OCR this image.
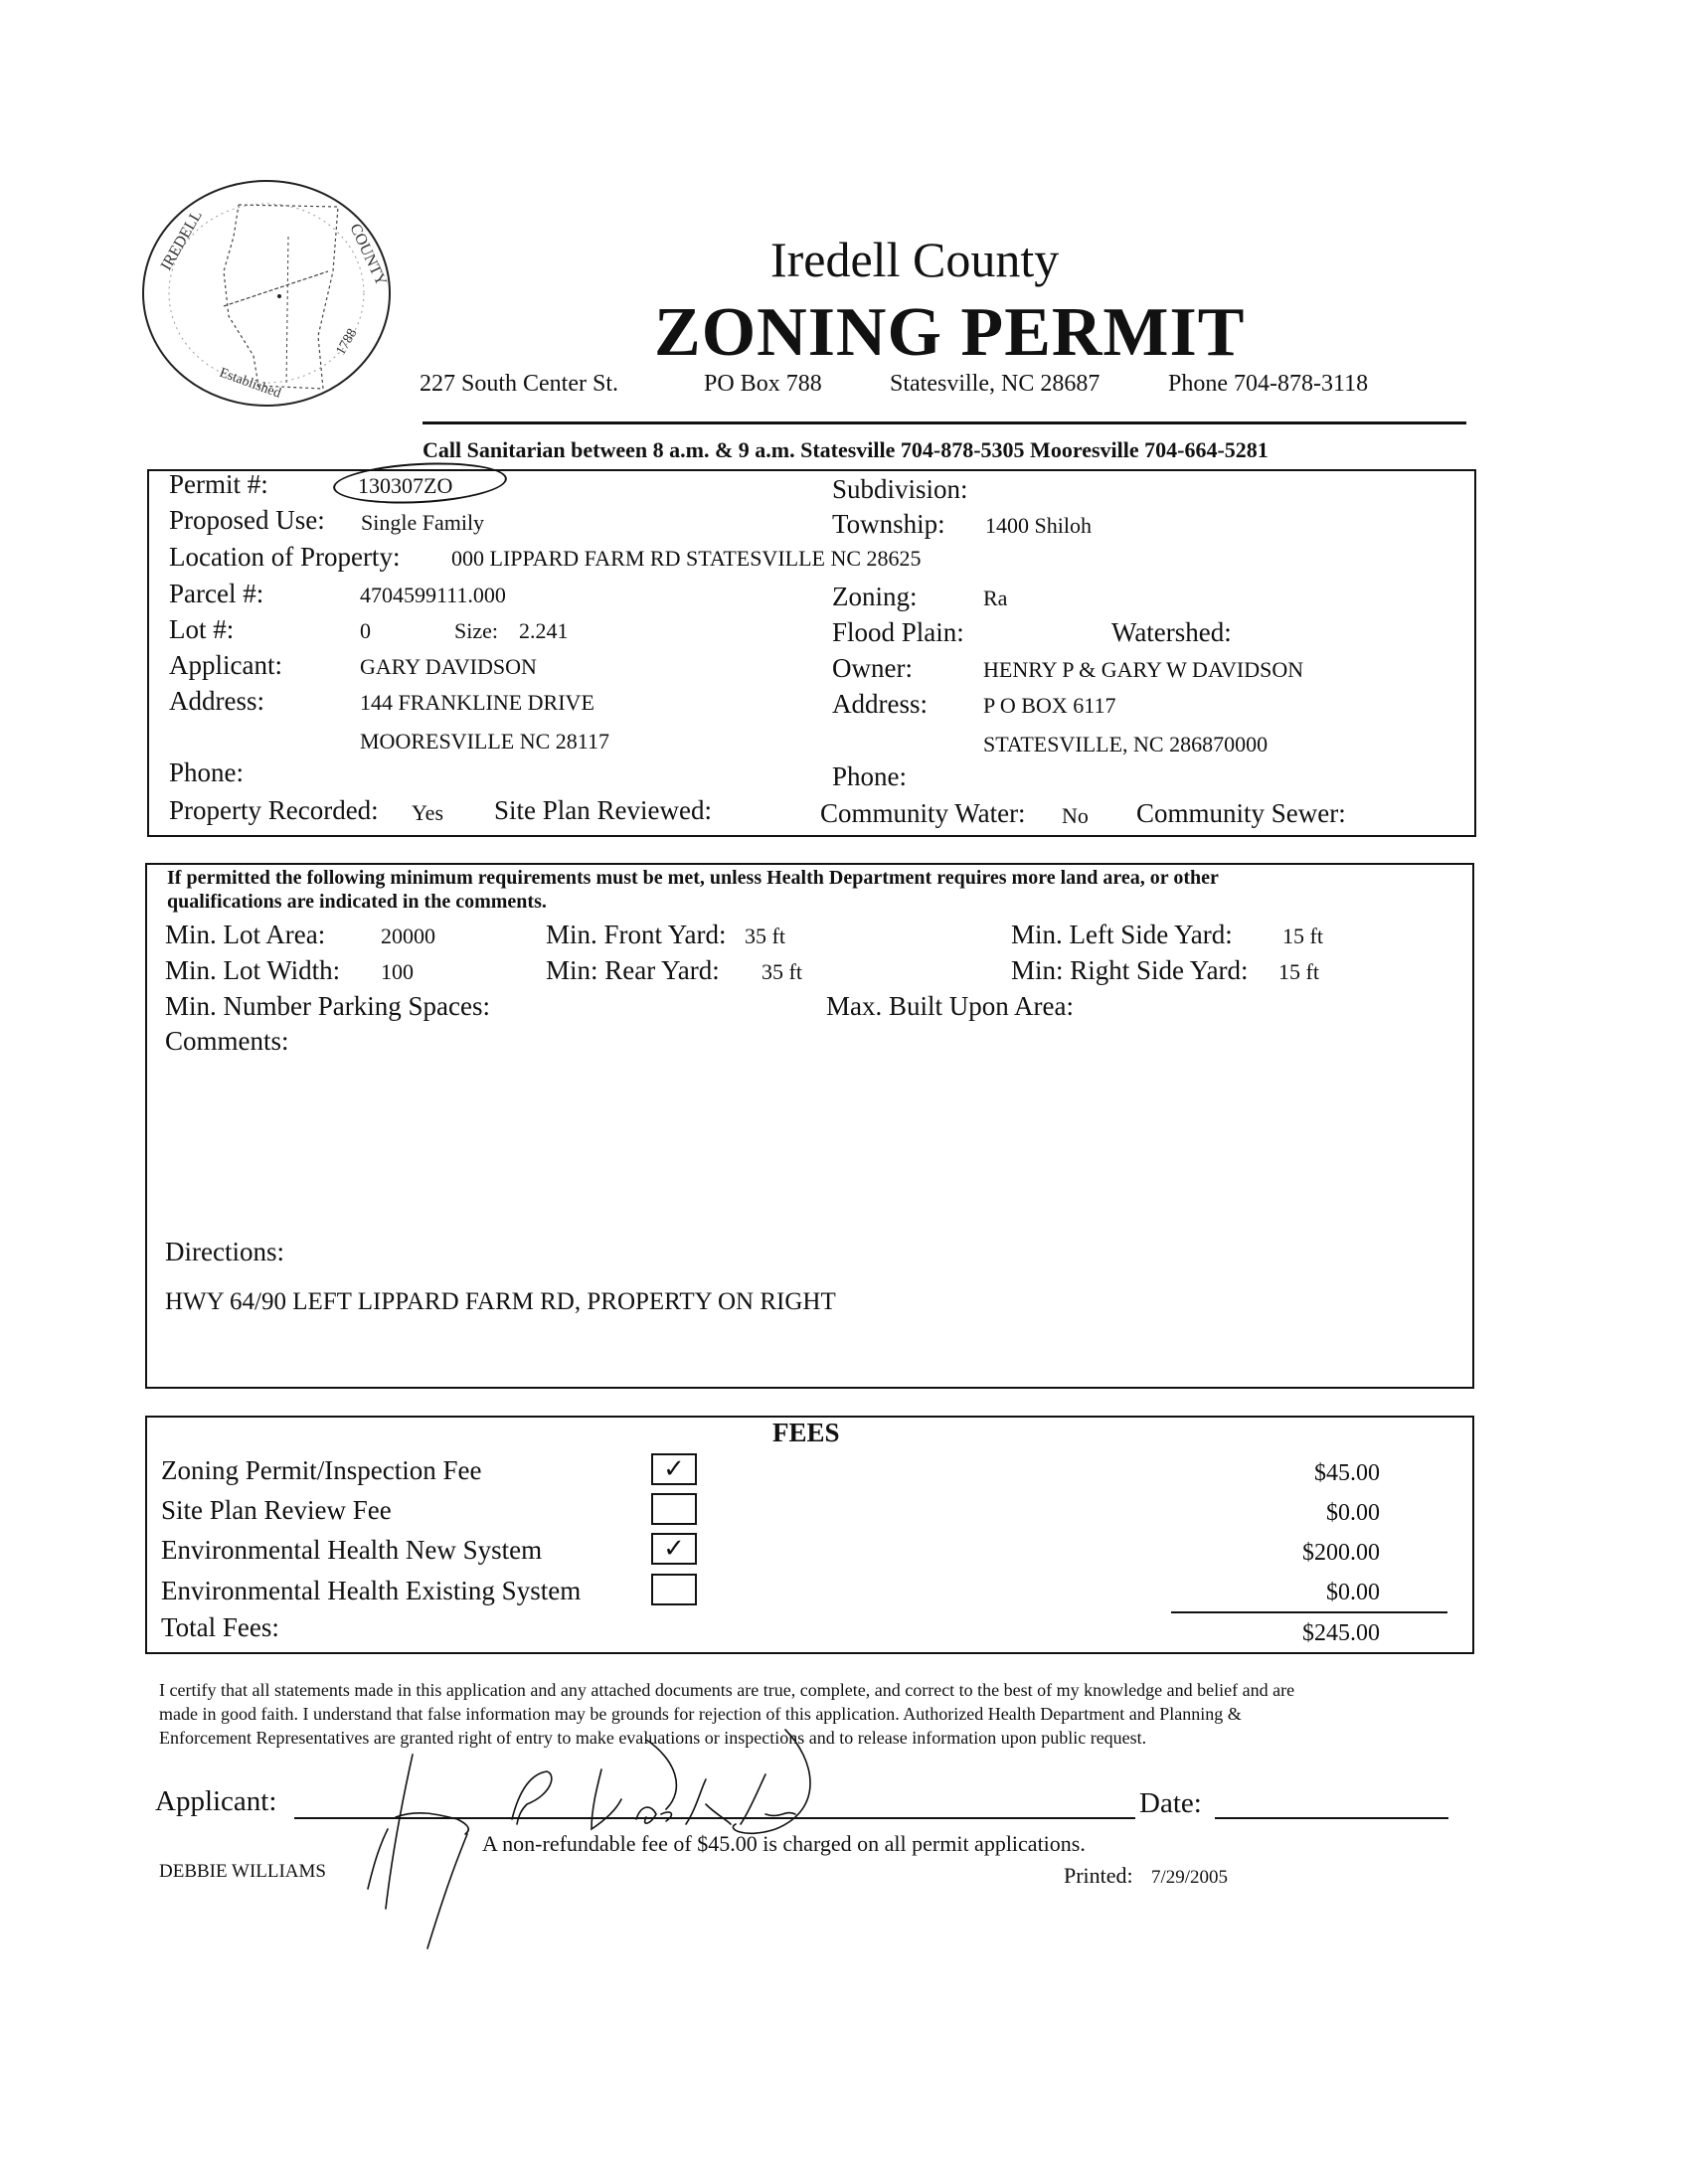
IREDELL	COUNTY
Established
1788
Iredell County
ZONING PERMIT
227 South Center St.	PO Box 788	Statesville, NC 28687	Phone 704-878-3118
Call Sanitarian between 8 a.m. & 9 a.m. Statesville 704-878-5305 Mooresville 704-664-5281
Permit #:	130307ZO	Subdivision:
Proposed Use: Single Family	Township: 1400 Shiloh
Location of Property: 000 LIPPARD FARM RD STATESVILLE NC 28625
Parcel #:	4704599111.000	Zoning:	Ra
Lot #:	0	Size: 2.241	Flood Plain:	Watershed:
Applicant:	GARY DAVIDSON	Owner:	HENRY P & GARY W DAVIDSON
Address:	144 FRANKLINE DRIVE	Address:	P O BOX 6117
MOORESVILLE NC 28117	STATESVILLE, NC 286870000
Phone:	Phone:
Property Recorded: Yes Site Plan Reviewed:	Community Water: No Community Sewer:
If permitted the following minimum requirements must be met, unless Health Department requires more land area, or other
qualifications are indicated in the comments.
Min. Lot Area:	20000	Min. Front Yard: 35 ft	Min. Left Side Yard: 15 ft
Min. Lot Width: 100	Min: Rear Yard: 35 ft	Min: Right Side Yard: 15 ft
Min. Number Parking Spaces:	Max. Built Upon Area:
Comments:
Directions:
HWY 64/90 LEFT LIPPARD FARM RD, PROPERTY ON RIGHT
FEES
Zoning Permit/Inspection Fee	✓	$45.00
Site Plan Review Fee	$0.00
Environmental Health New System	✓	$200.00
Environmental Health Existing System	$0.00
Total Fees:	$245.00
I certify that all statements made in this application and any attached documents are true, complete, and correct to the best of my knowledge and belief and are
made in good faith. I understand that false information may be grounds for rejection of this application. Authorized Health Department and Planning &
Enforcement Representatives are granted right of entry to make evaluations or inspections and to release information upon public request.
Applicant:	Date:
A non-refundable fee of $45.00 is charged on all permit applications.
DEBBIE WILLIAMS	Printed: 7/29/2005
